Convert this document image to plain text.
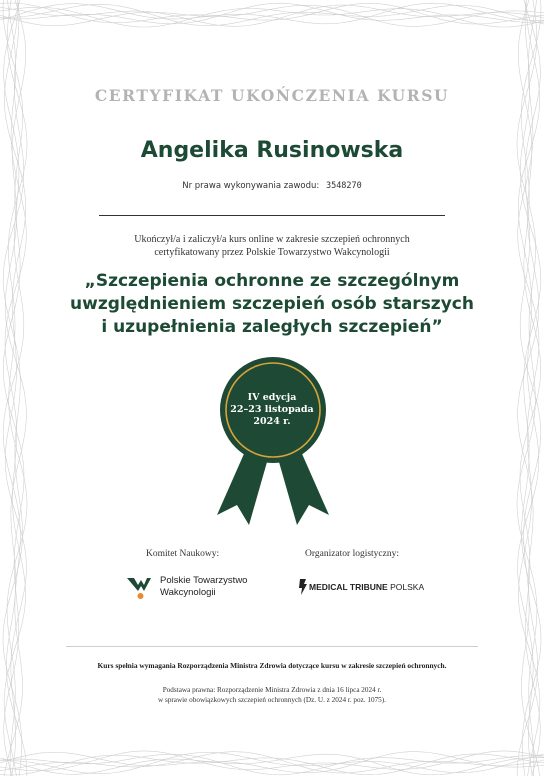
CERTYFIKAT UKOŃCZENIA KURSU
Angelika Rusinowska
Nr prawa wykonywania zawodu: 3548270
Ukończył/a i zaliczył/a kurs online w zakresie szczepień ochronnych
certyfikatowany przez Polskie Towarzystwo Wakcynologii
„Szczepienia ochronne ze szczególnym
uwzględnieniem szczepień osób starszych
i uzupełnienia zaległych szczepień”
IV edycja
22–23 listopada
2024 r.
Komitet Naukowy:	Organizator logistyczny:
Polskie Towarzystwo
Wakcynologii	MEDICAL TRIBUNE POLSKA
Kurs spełnia wymagania Rozporządzenia Ministra Zdrowia dotyczące kursu w zakresie szczepień ochronnych.
Podstawa prawna: Rozporządzenie Ministra Zdrowia z dnia 16 lipca 2024 r.
w sprawie obowiązkowych szczepień ochronnych (Dz. U. z 2024 r. poz. 1075).
